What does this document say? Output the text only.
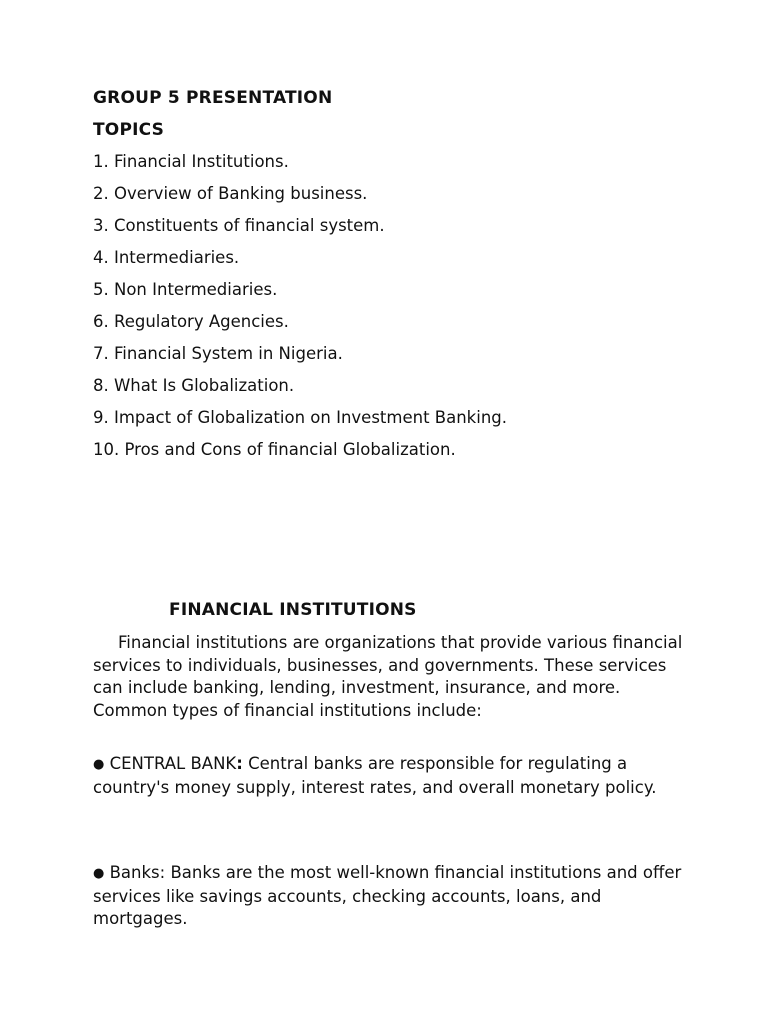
GROUP 5 PRESENTATION
TOPICS
1. Financial Institutions.
2. Overview of Banking business.
3. Constituents of financial system.
4. Intermediaries.
5. Non Intermediaries.
6. Regulatory Agencies.
7. Financial System in Nigeria.
8. What Is Globalization.
9. Impact of Globalization on Investment Banking.
10. Pros and Cons of financial Globalization.
FINANCIAL INSTITUTIONS

Financial institutions are organizations that provide various financial services to individuals, businesses, and governments. These services can include banking, lending, investment, insurance, and more. Common types of financial institutions include:

● CENTRAL BANK: Central banks are responsible for regulating a country's money supply, interest rates, and overall monetary policy.

● Banks: Banks are the most well-known financial institutions and offer services like savings accounts, checking accounts, loans, and mortgages.
